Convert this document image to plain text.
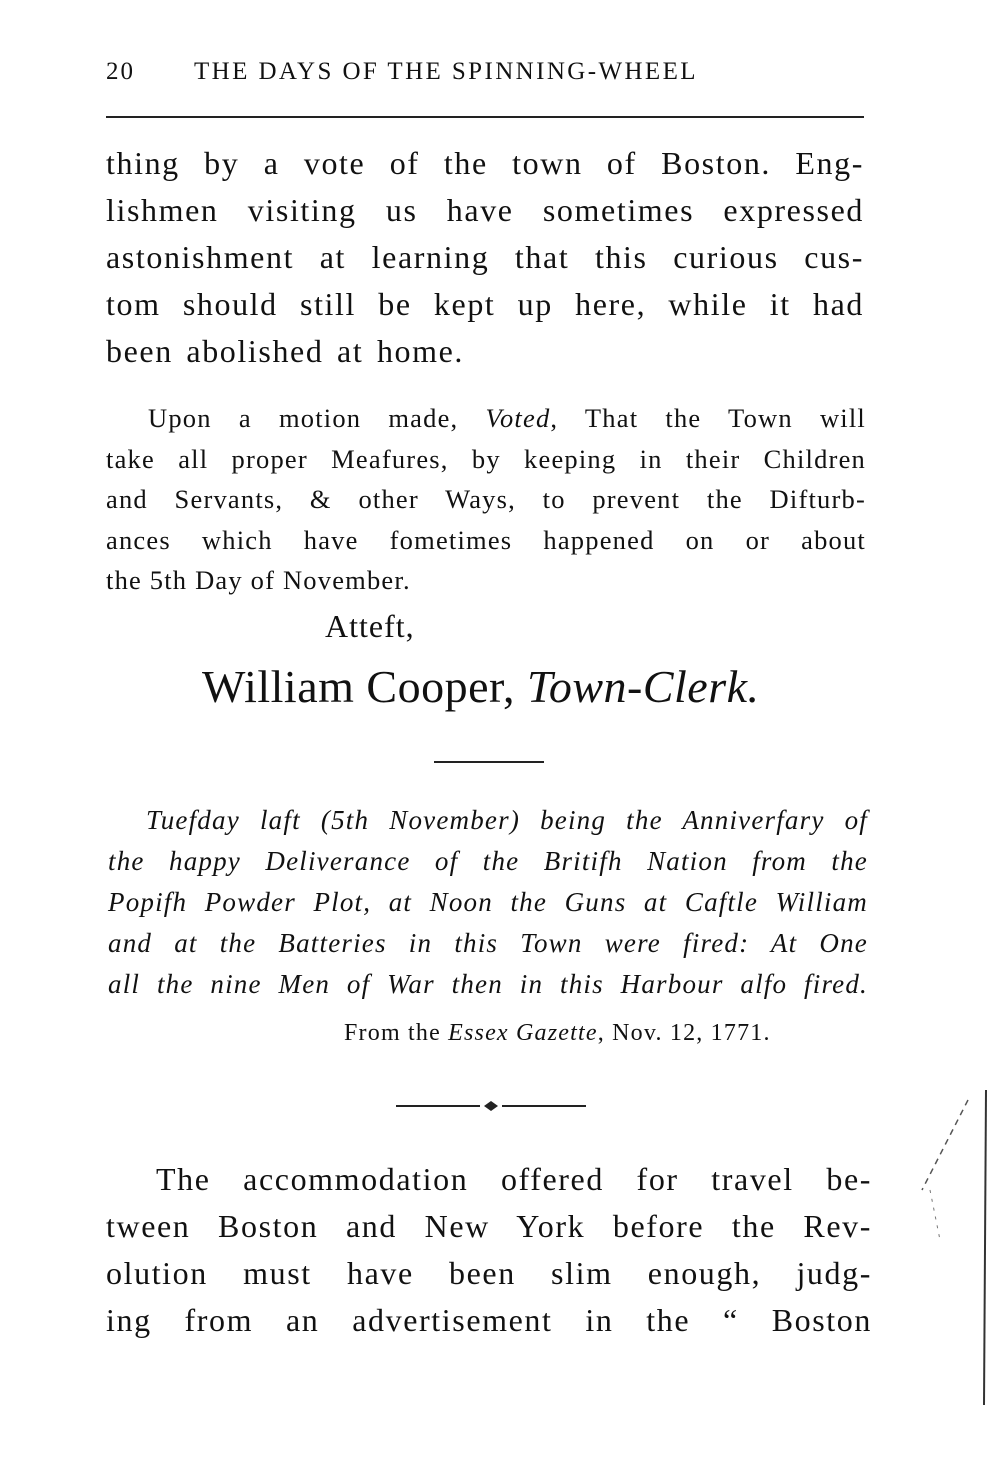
20 THE DAYS OF THE SPINNING-WHEEL
thing by a vote of the town of Boston. Eng-
lishmen visiting us have sometimes expressed
astonishment at learning that this curious cus-
tom should still be kept up here, while it had
been abolished at home.
Upon a motion made, Voted, That the Town will
take all proper Meafures, by keeping in their Children
and Servants, & other Ways, to prevent the Difturb-
ances which have fometimes happened on or about
the 5th Day of November.
Atteft,
William Cooper, Town-Clerk.
Tuefday laft (5th November) being the Anniverfary of
the happy Deliverance of the Britifh Nation from the
Popifh Powder Plot, at Noon the Guns at Caftle William
and at the Batteries in this Town were fired: At One
all the nine Men of War then in this Harbour alfo fired.
From the Essex Gazette, Nov. 12, 1771.
The accommodation offered for travel be-
tween Boston and New York before the Rev-
olution must have been slim enough, judg-
ing from an advertisement in the “ Boston
